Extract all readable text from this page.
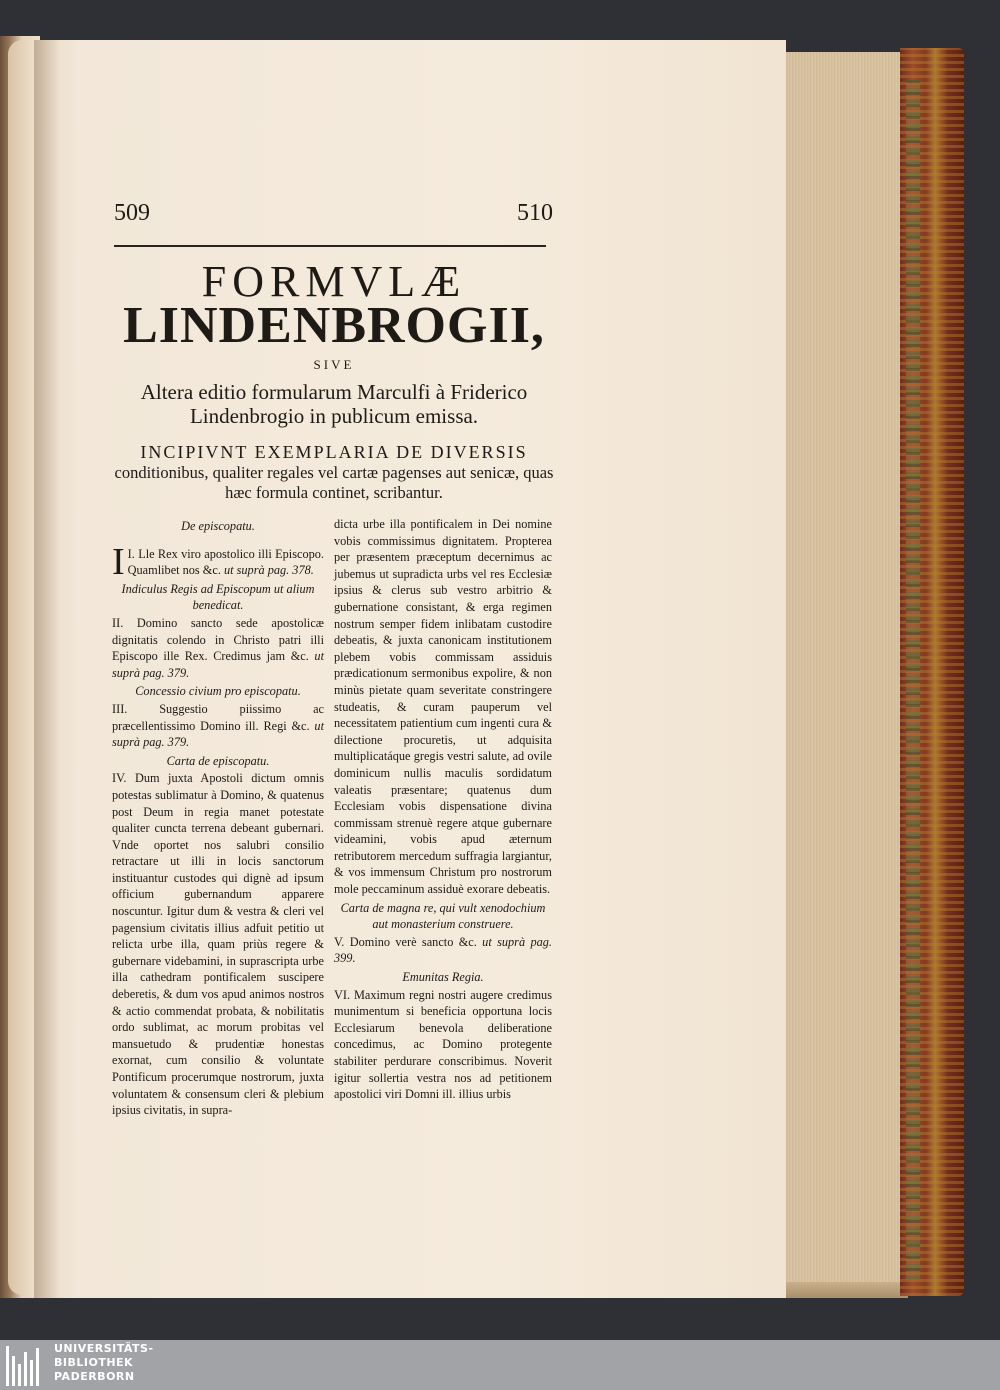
509	510
FORMVLÆ
LINDENBROGII,
SIVE
Altera editio formularum Marculfi à Friderico Lindenbrogio in publicum emissa.
INCIPIVNT EXEMPLARIA DE DIVERSIS
conditionibus, qualiter regales vel cartæ pagenses aut senicæ, quas hæc formula continet, scribantur.

De episcopatu.

I.
I Lle Rex viro apostolico illi Episcopo. Quamlibet nos &c. ut suprà pag. 378.

Indiculus Regis ad Episcopum ut alium benedicat.

II. Domino sancto sede apostolicæ dignitatis colendo in Christo patri illi Episcopo ille Rex. Credimus jam &c. ut suprà pag. 379.

Concessio civium pro episcopatu.

III. Suggestio piissimo ac præcellentissimo Domino ill. Regi &c. ut suprà pag. 379.

Carta de episcopatu.

IV. Dum juxta Apostoli dictum omnis potestas sublimatur à Domino, & quatenus post Deum in regia manet potestate qualiter cuncta terrena debeant gubernari. Vnde oportet nos salubri consilio retractare ut illi in locis sanctorum instituantur custodes qui dignè ad ipsum officium gubernandum apparere noscuntur. Igitur dum & vestra & cleri vel pagensium civitatis illius adfuit petitio ut relicta urbe illa, quam priùs regere & gubernare videbamini, in suprascripta urbe illa cathedram pontificalem suscipere deberetis, & dum vos apud animos nostros & actio commendat probata, & nobilitatis ordo sublimat, ac morum probitas vel mansuetudo & prudentiæ honestas exornat, cum consilio & voluntate Pontificum procerumque nostrorum, juxta voluntatem & consensum cleri & plebium ipsius civitatis, in supra-

dicta urbe illa pontificalem in Dei nomine vobis commissimus dignitatem. Propterea per præsentem præceptum decernimus ac jubemus ut supradicta urbs vel res Ecclesiæ ipsius & clerus sub vestro arbitrio & gubernatione consistant, & erga regimen nostrum semper fidem inlibatam custodire debeatis, & juxta canonicam institutionem plebem vobis commissam assiduis prædicationum sermonibus expolire, & non minùs pietate quam severitate constringere studeatis, & curam pauperum vel necessitatem patientium cum ingenti cura & dilectione procuretis, ut adquisita multiplicatáque gregis vestri salute, ad ovile dominicum nullis maculis sordidatum valeatis præsentare; quatenus dum Ecclesiam vobis dispensatione divina commissam strenuè regere atque gubernare videamini, vobis apud æternum retributorem mercedum suffragia largiantur, & vos immensum Christum pro nostrorum mole peccaminum assiduè exorare debeatis.

Carta de magna re, qui vult xenodochium aut monasterium construere.

V. Domino verè sancto &c. ut suprà pag. 399.

Emunitas Regia.

VI. Maximum regni nostri augere credimus munimentum si beneficia opportuna locis Ecclesiarum benevola deliberatione concedimus, ac Domino protegente stabiliter perdurare conscribimus. Noverit igitur sollertia vestra nos ad petitionem apostolici viri Domni ill. illius urbis

UNIVERSITÄTS-
BIBLIOTHEK
PADERBORN
